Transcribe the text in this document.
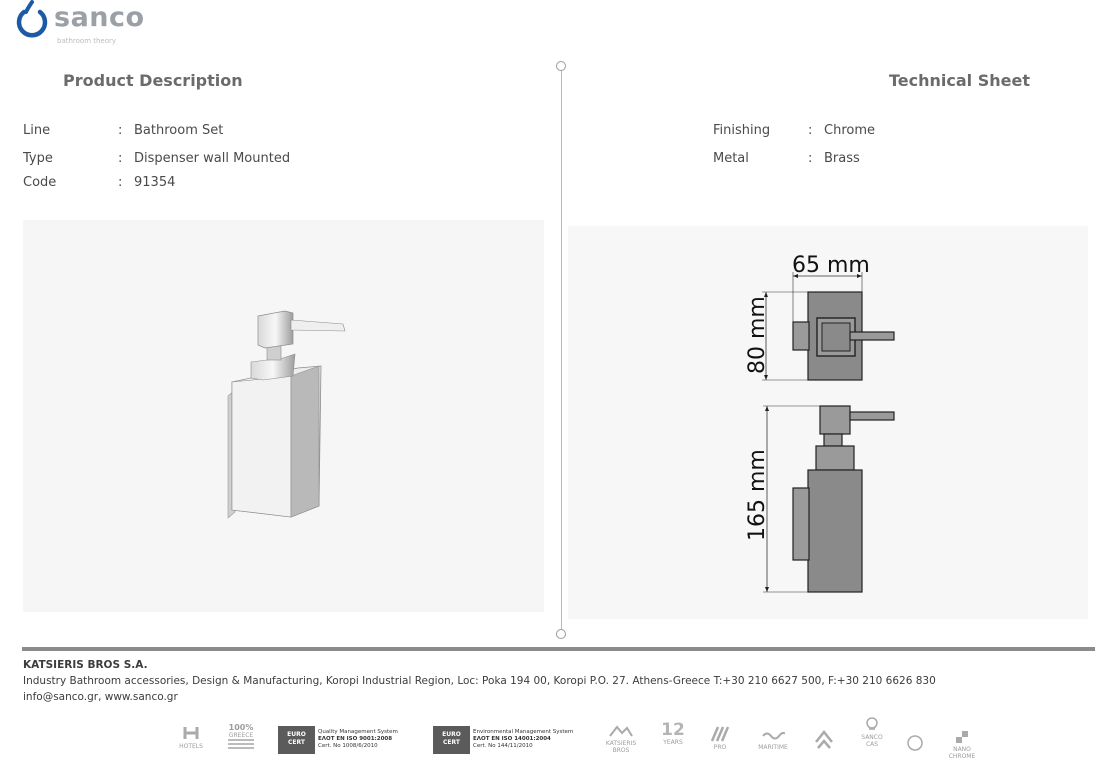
sanco
bathroom theory
Product Description	Technical Sheet
Line	: Bathroom Set
Type	: Dispenser wall Mounted
Code	: 91354
Finishing	: Chrome
Metal	: Brass
65 mm
80 mm
165 mm
KATSIERIS BROS S.A.
Industry Bathroom accessories, Design & Manufacturing, Koropi Industrial Region, Loc: Poka 194 00, Koropi P.O. 27. Athens-Greece T:+30 210 6627 500, F:+30 210 6626 830
info@sanco.gr, www.sanco.gr
HOTELS
100%
GREECE	EURO CERT
Quality Management System
ΕΛΟΤ EN ISO 9001:2008
Cert. No 1008/6/2010
EURO CERT
Environmental Management System
ΕΛΟΤ EN ISO 14001:2004
Cert. No 144/11/2010	KATSIERIS BROS
12
YEARS
PRO	MARITIME
SANCO CAS
NANO CHROME
